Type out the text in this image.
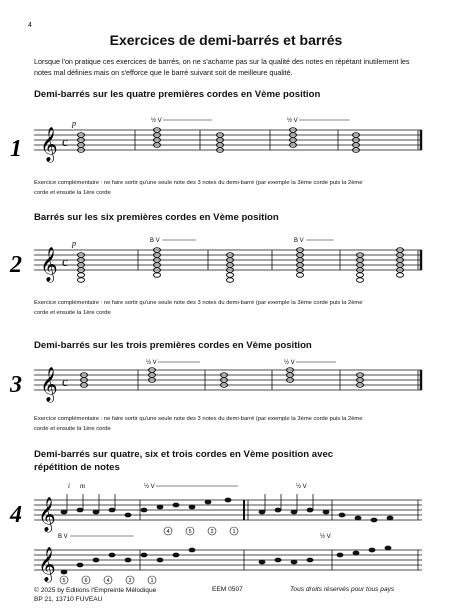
4
Exercices de demi-barrés et barrés
Lorsque l'on pratique ces exercices de barrés, on ne s'acharne pas sur la qualité des notes en répétant inutilement les notes mal définies mais on s'efforce que le barré suivant soit de meilleure qualité.
Demi-barrés sur les quatre premières cordes en Vème position
1 𝄞 c
p	½ V	½ V
Exercice complémentaire : ne faire sortir qu'une seule note des 3 notes du demi-barré (par exemple la 3ème corde puis la 2ème
corde et ensuite la 1ère corde
Barrés sur les six premières cordes en Vème position
2 𝄞 c
p	B V	B V
Exercice complémentaire : ne faire sortir qu'une seule note des 3 notes du demi-barré (par exemple la 3ème corde puis la 2ème
corde et ensuite la 1ère corde
Demi-barrés sur les trois premières cordes en Vème position
3 𝄞 c
½ V	½ V
Exercice complémentaire : ne faire sortir qu'une seule note des 3 notes du demi-barré (par exemple la 3ème corde puis la 2ème
corde et ensuite la 1ère corde
Demi-barrés sur quatre, six et trois cordes en Vème position avec
répétition de notes
4 𝄞
i m	½ V	½ V
4	5	2	1
𝄞
B V	½ V
5	6	4	2	1
© 2025 by Editions l'Empreinte Mélodique
BP 21, 13710 FUVEAU
EEM 0507	Tous droits réservés pour tous pays
